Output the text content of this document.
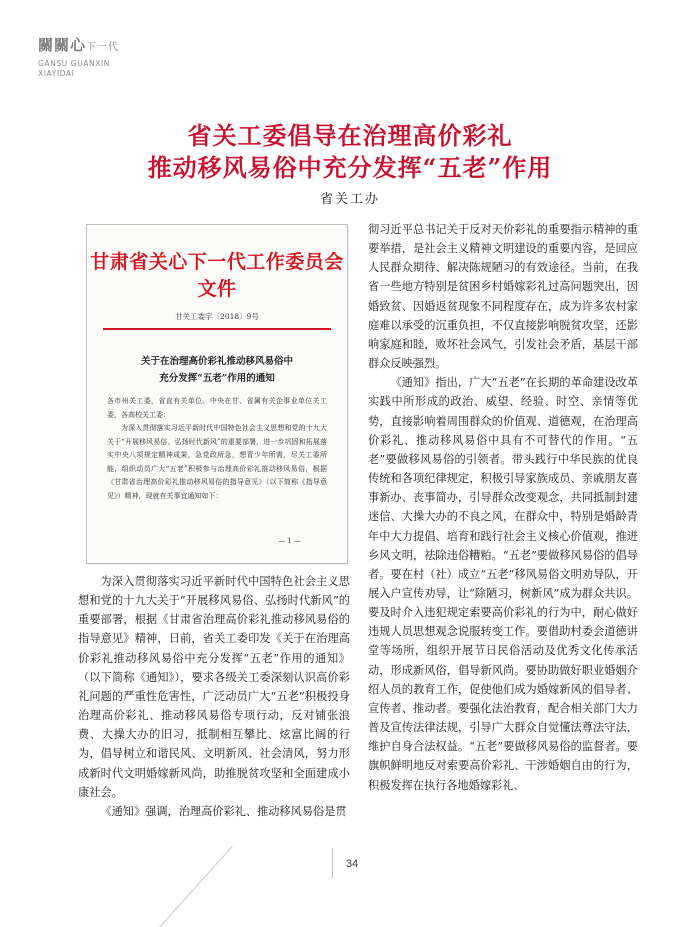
關關心下一代
GANSU GUANXIN
XIAYIDAI
省关工委倡导在治理高价彩礼
推动移风易俗中充分发挥“五老”作用
省关工办
甘肃省关心下一代工作委员会文件
甘关工委字〔2018〕9号
关于在治理高价彩礼推动移风易俗中
充分发挥“五老”作用的通知
各市州关工委，省直有关单位、中央在甘、省属有关企事业单位关工委，各高校关工委：
为深入贯彻落实习近平新时代中国特色社会主义思想和党的十九大关于“开展移风易俗、弘扬时代新风”的重要部署，进一步巩固和拓展落实中央八项规定精神成果，急党政所急，想青少年所需，尽关工委所能，组织动员广大“五老”积极参与治理高价彩礼推动移风易俗，根据《甘肃省治理高价彩礼推动移风易俗的指导意见》（以下简称《指导意见》）精神，现就有关事宜通知如下：
— 1 —

为深入贯彻落实习近平新时代中国特色社会主义思想和党的十九大关于“开展移风易俗、弘扬时代新风”的重要部署，根据《甘肃省治理高价彩礼推动移风易俗的指导意见》精神，日前，省关工委印发《关于在治理高价彩礼推动移风易俗中充分发挥“五老”作用的通知》（以下简称《通知》），要求各级关工委深刻认识高价彩礼问题的严重性危害性，广泛动员广大“五老”积极投身治理高价彩礼、推动移风易俗专项行动，反对铺张浪费、大操大办的旧习，抵制相互攀比、炫富比阔的行为，倡导树立和谐民风、文明新风、社会清风，努力形成新时代文明婚嫁新风尚，助推脱贫攻坚和全面建成小康社会。

《通知》强调，治理高价彩礼、推动移风易俗是贯

彻习近平总书记关于反对天价彩礼的重要指示精神的重要举措，是社会主义精神文明建设的重要内容，是回应人民群众期待、解决陈规陋习的有效途径。当前，在我省一些地方特别是贫困乡村婚嫁彩礼过高问题突出，因婚致贫、因婚返贫现象不同程度存在，成为许多农村家庭难以承受的沉重负担，不仅直接影响脱贫攻坚，还影响家庭和睦，败坏社会风气，引发社会矛盾，基层干部群众反映强烈。

《通知》指出，广大“五老”在长期的革命建设改革实践中所形成的政治、威望、经验、时空、亲情等优势，直接影响着周围群众的价值观、道德观，在治理高价彩礼、推动移风易俗中具有不可替代的作用。“五老”要做移风易俗的引领者。带头践行中华民族的优良传统和各项纪律规定，积极引导家族成员、亲戚朋友喜事新办、丧事简办，引导群众改变观念，共同抵制封建迷信、大操大办的不良之风，在群众中，特别是婚龄青年中大力提倡、培育和践行社会主义核心价值观，推进乡风文明，祛除违俗糟粕。“五老”要做移风易俗的倡导者。要在村（社）成立“五老”移风易俗文明劝导队，开展入户宣传劝导，让“除陋习，树新风”成为群众共识。要及时介入违犯规定索要高价彩礼的行为中，耐心做好违规人员思想观念说服转变工作。要借助村委会道德讲堂等场所，组织开展节日民俗活动及优秀文化传承活动，形成新风俗，倡导新风尚。要协助做好职业婚姻介绍人员的教育工作，促使他们成为婚嫁新风的倡导者、宣传者、推动者。要强化法治教育，配合相关部门大力普及宣传法律法规，引导广大群众自觉懂法尊法守法，维护自身合法权益。“五老”要做移风易俗的监督者。要旗帜鲜明地反对索要高价彩礼、干涉婚姻自由的行为，积极发挥在执行各地婚嫁彩礼、

34
